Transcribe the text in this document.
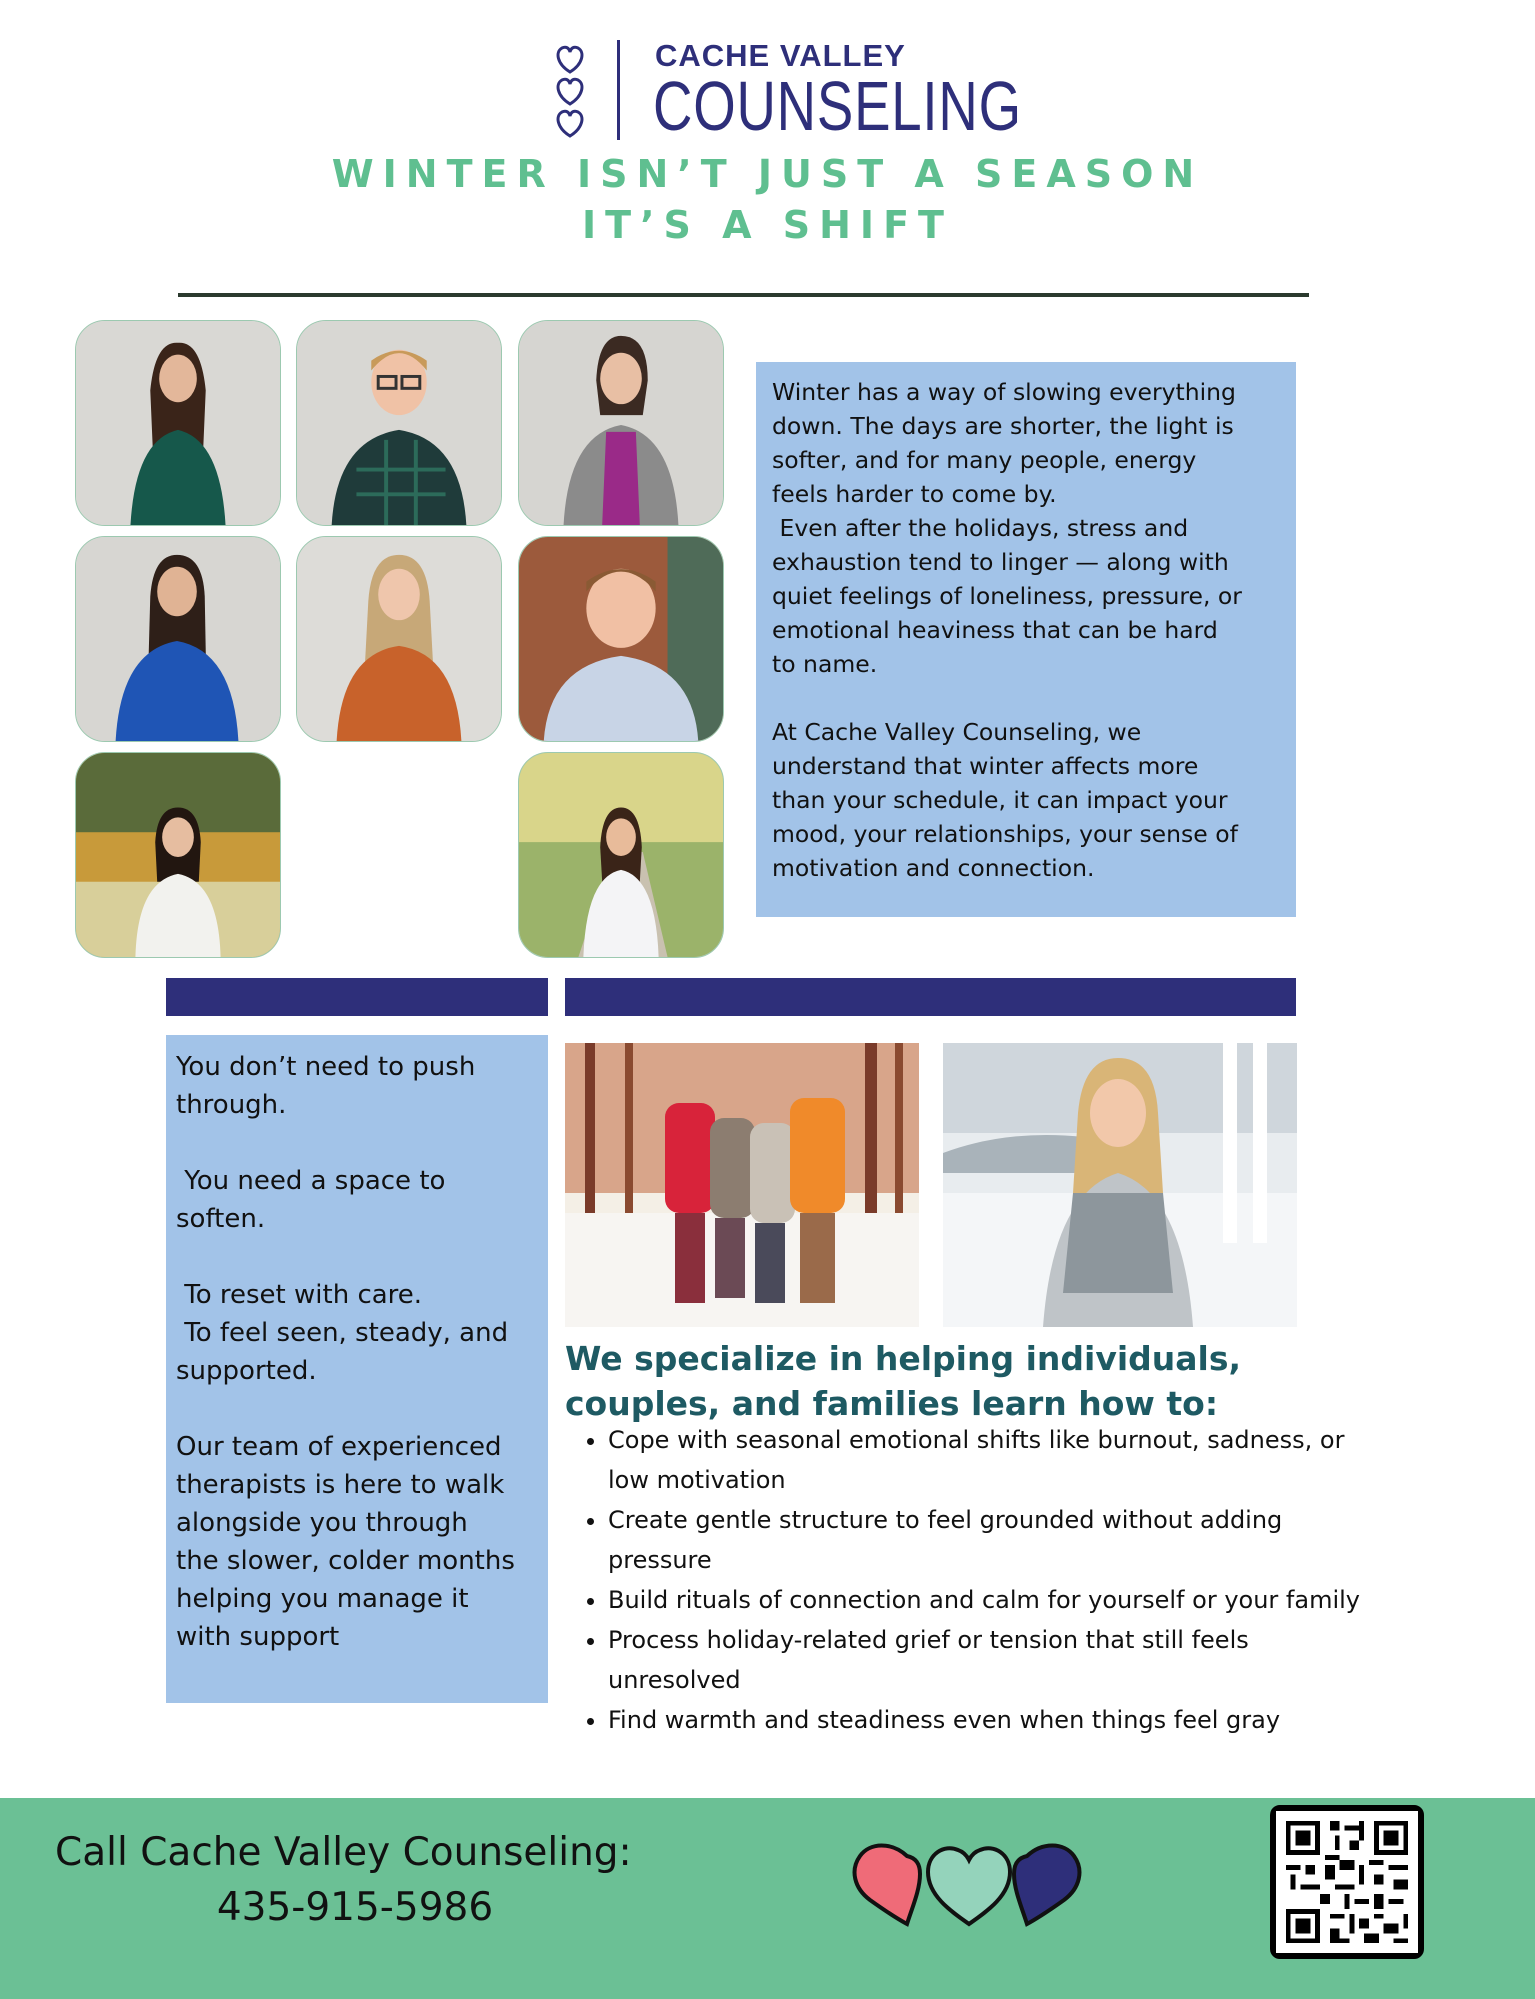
CACHE VALLEY
COUNSELING
WINTER ISN’T JUST A SEASON
IT’S A SHIFT
Winter has a way of slowing everything
down. The days are shorter, the light is
softer, and for many people, energy
feels harder to come by.
Even after the holidays, stress and
exhaustion tend to linger — along with
quiet feelings of loneliness, pressure, or
emotional heaviness that can be hard
to name.

At Cache Valley Counseling, we
understand that winter affects more
than your schedule, it can impact your
mood, your relationships, your sense of
motivation and connection.
You don’t need to push
through.

You need a space to
soften.

To reset with care.
To feel seen, steady, and
supported.

Our team of experienced
therapists is here to walk
alongside you through
the slower, colder months
helping you manage it
with support
We specialize in helping individuals, couples, and families learn how to:
• Cope with seasonal emotional shifts like burnout, sadness, or low motivation
• Create gentle structure to feel grounded without adding pressure
• Build rituals of connection and calm for yourself or your family
• Process holiday-related grief or tension that still feels unresolved
• Find warmth and steadiness even when things feel gray
Call Cache Valley Counseling:
435-915-5986
